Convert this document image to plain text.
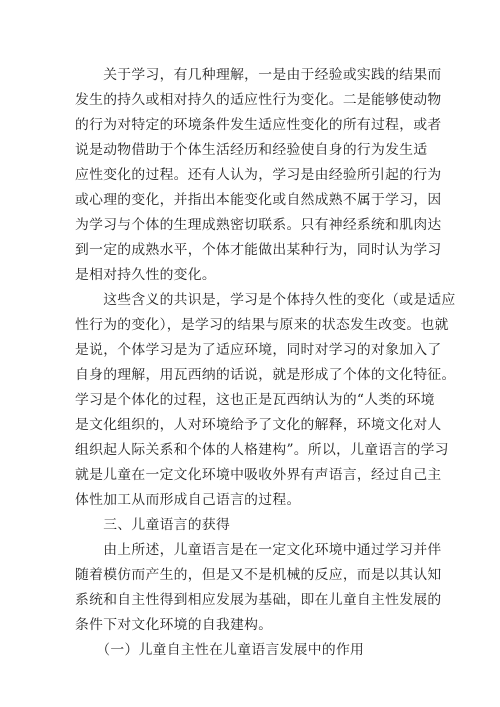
　　关于学习，有几种理解，一是由于经验或实践的结果而
发生的持久或相对持久的适应性行为变化。二是能够使动物
的行为对特定的环境条件发生适应性变化的所有过程，或者
说是动物借助于个体生活经历和经验使自身的行为发生适
应性变化的过程。还有人认为，学习是由经验所引起的行为
或心理的变化，并指出本能变化或自然成熟不属于学习，因
为学习与个体的生理成熟密切联系。只有神经系统和肌肉达
到一定的成熟水平，个体才能做出某种行为，同时认为学习
是相对持久性的变化。
　　这些含义的共识是，学习是个体持久性的变化（或是适应
性行为的变化），是学习的结果与原来的状态发生改变。也就
是说，个体学习是为了适应环境，同时对学习的对象加入了
自身的理解，用瓦西纳的话说，就是形成了个体的文化特征。
学习是个体化的过程，这也正是瓦西纳认为的“人类的环境
是文化组织的，人对环境给予了文化的解释，环境文化对人
组织起人际关系和个体的人格建构”。所以，儿童语言的学习
就是儿童在一定文化环境中吸收外界有声语言，经过自己主
体性加工从而形成自己语言的过程。
　　三、儿童语言的获得
　　由上所述，儿童语言是在一定文化环境中通过学习并伴
随着模仿而产生的，但是又不是机械的反应，而是以其认知
系统和自主性得到相应发展为基础，即在儿童自主性发展的
条件下对文化环境的自我建构。
　　（一）儿童自主性在儿童语言发展中的作用
